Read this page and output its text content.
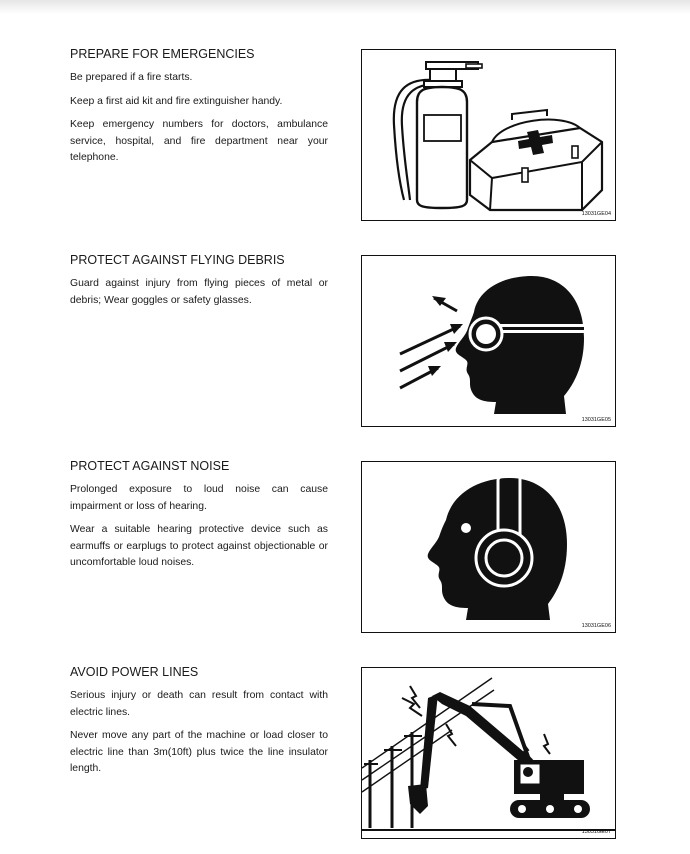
PREPARE FOR EMERGENCIES

Be prepared if a fire starts.

Keep a first aid kit and fire extinguisher handy.

Keep emergency numbers for doctors, ambulance service, hospital, and fire department near your telephone.

13031GE04
PROTECT AGAINST FLYING DEBRIS

Guard against injury from flying pieces of metal or debris; Wear goggles or safety glasses.

13031GE05
PROTECT AGAINST NOISE

Prolonged exposure to loud noise can cause impairment or loss of hearing.

Wear a suitable hearing protective device such as earmuffs or earplugs to protect against objectionable or uncomfortable loud noises.

13031GE06
AVOID POWER LINES

Serious injury or death can result from contact with electric lines.

Never move any part of the machine or load closer to electric line than 3m(10ft) plus twice the line insulator length.

13031GE07
